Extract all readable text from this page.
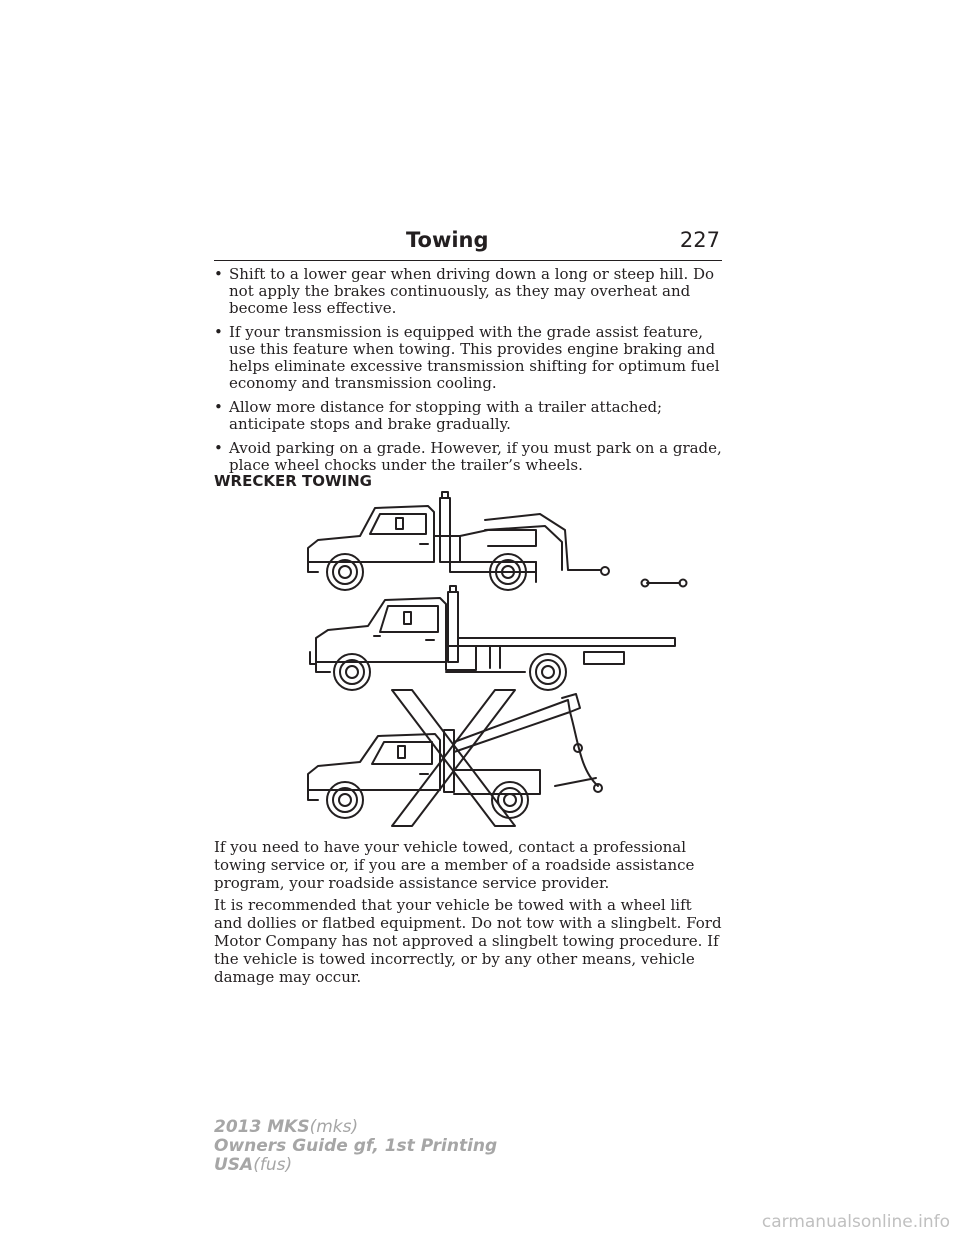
Towing	227
• Shift to a lower gear when driving down a long or steep hill. Do not apply the brakes continuously, as they may overheat and become less effective.
• If your transmission is equipped with the grade assist feature, use this feature when towing. This provides engine braking and helps eliminate excessive transmission shifting for optimum fuel economy and transmission cooling.
• Allow more distance for stopping with a trailer attached; anticipate stops and brake gradually.
• Avoid parking on a grade. However, if you must park on a grade, place wheel chocks under the trailer’s wheels.
WRECKER TOWING

If you need to have your vehicle towed, contact a professional towing service or, if you are a member of a roadside assistance program, your roadside assistance service provider.

It is recommended that your vehicle be towed with a wheel lift and dollies or flatbed equipment. Do not tow with a slingbelt. Ford Motor Company has not approved a slingbelt towing procedure. If the vehicle is towed incorrectly, or by any other means, vehicle damage may occur.

2013 MKS(mks)
Owners Guide gf, 1st Printing
USA(fus)
carmanualsonline.info
